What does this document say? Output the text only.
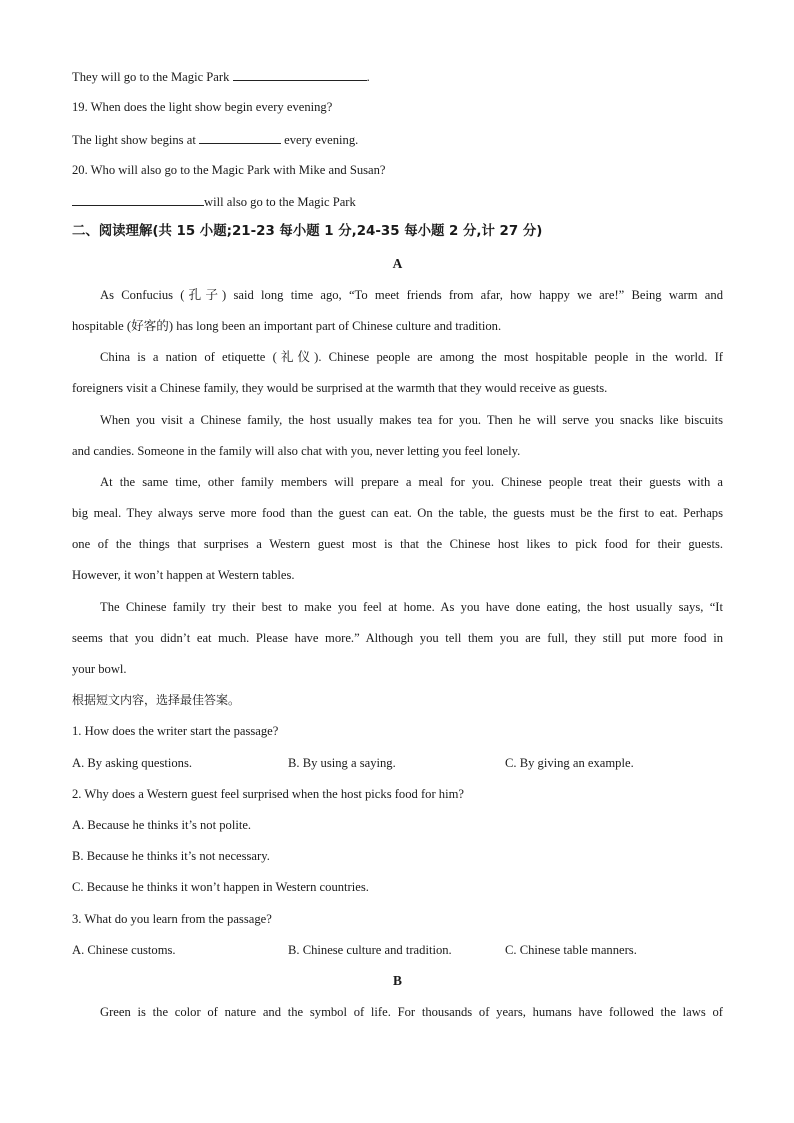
They will go to the Magic Park	.
19. When does the light show begin every evening?
The light show begins at	every evening.
20. Who will also go to the Magic Park with Mike and Susan?
will also go to the Magic Park
二、阅读理解(共 15 小题;21-23 每小题 1 分,24-35 每小题 2 分,计 27 分)
A
As Confucius (孔子) said long time ago, “To meet friends from afar, how happy we are!” Being warm and
hospitable (好客的) has long been an important part of Chinese culture and tradition.
China is a nation of etiquette (礼仪). Chinese people are among the most hospitable people in the world. If
foreigners visit a Chinese family, they would be surprised at the warmth that they would receive as guests.
When you visit a Chinese family, the host usually makes tea for you. Then he will serve you snacks like biscuits
and candies. Someone in the family will also chat with you, never letting you feel lonely.
At the same time, other family members will prepare a meal for you. Chinese people treat their guests with a
big meal. They always serve more food than the guest can eat. On the table, the guests must be the first to eat. Perhaps
one of the things that surprises a Western guest most is that the Chinese host likes to pick food for their guests.
However, it won’t happen at Western tables.
The Chinese family try their best to make you feel at home. As you have done eating, the host usually says, “It
seems that you didn’t eat much. Please have more.” Although you tell them you are full, they still put more food in
your bowl.
根据短文内容，选择最佳答案。
1. How does the writer start the passage?
A. By asking questions.	B. By using a saying.	C. By giving an example.
2. Why does a Western guest feel surprised when the host picks food for him?
A. Because he thinks it’s not polite.
B. Because he thinks it’s not necessary.
C. Because he thinks it won’t happen in Western countries.
3. What do you learn from the passage?
A. Chinese customs.	B. Chinese culture and tradition.	C. Chinese table manners.
B
Green is the color of nature and the symbol of life. For thousands of years, humans have followed the laws of
